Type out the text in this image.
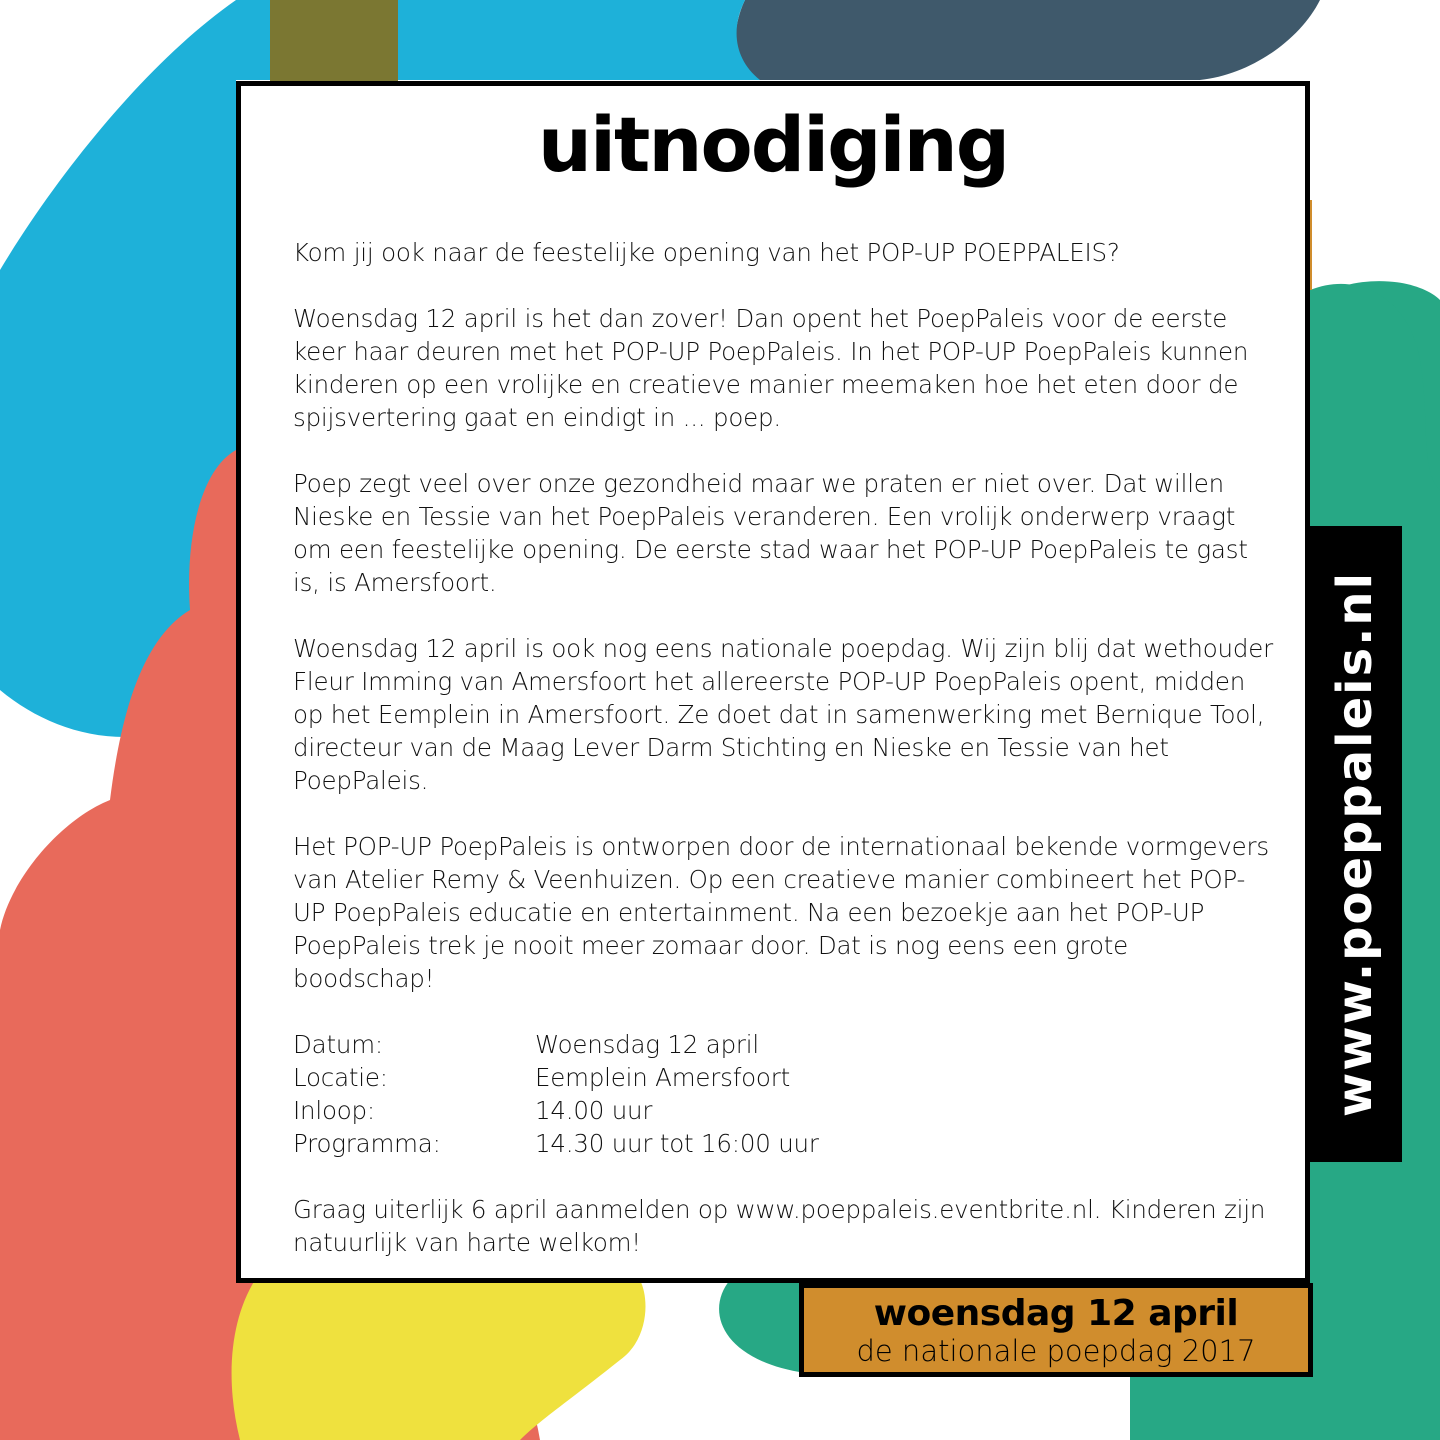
uitnodiging

Kom jij ook naar de feestelijke opening van het POP-UP POEPPALEIS?

Woensdag 12 april is het dan zover! Dan opent het PoepPaleis voor de eerste keer haar deuren met het POP-UP PoepPaleis. In het POP-UP PoepPaleis kunnen kinderen op een vrolijke en creatieve manier meemaken hoe het eten door de spijsvertering gaat en eindigt in ... poep.

Poep zegt veel over onze gezondheid maar we praten er niet over. Dat willen Nieske en Tessie van het PoepPaleis veranderen. Een vrolijk onderwerp vraagt om een feestelijke opening. De eerste stad waar het POP-UP PoepPaleis te gast is, is Amersfoort.

Woensdag 12 april is ook nog eens nationale poepdag. Wij zijn blij dat wethouder Fleur Imming van Amersfoort het allereerste POP-UP PoepPaleis opent, midden op het Eemplein in Amersfoort. Ze doet dat in samenwerking met Bernique Tool, directeur van de Maag Lever Darm Stichting en Nieske en Tessie van het PoepPaleis.

Het POP-UP PoepPaleis is ontworpen door de internationaal bekende vormgevers van Atelier Remy & Veenhuizen. Op een creatieve manier combineert het POP-UP PoepPaleis educatie en entertainment. Na een bezoekje aan het POP-UP PoepPaleis trek je nooit meer zomaar door. Dat is nog eens een grote boodschap!

Datum:	Woensdag 12 april
Locatie:	Eemplein Amersfoort
Inloop:	14.00 uur
Programma:	14.30 uur tot 16:00 uur

Graag uiterlijk 6 april aanmelden op www.poeppaleis.eventbrite.nl. Kinderen zijn natuurlijk van harte welkom!

www.poeppaleis.nl
woensdag 12 april
de nationale poepdag 2017
